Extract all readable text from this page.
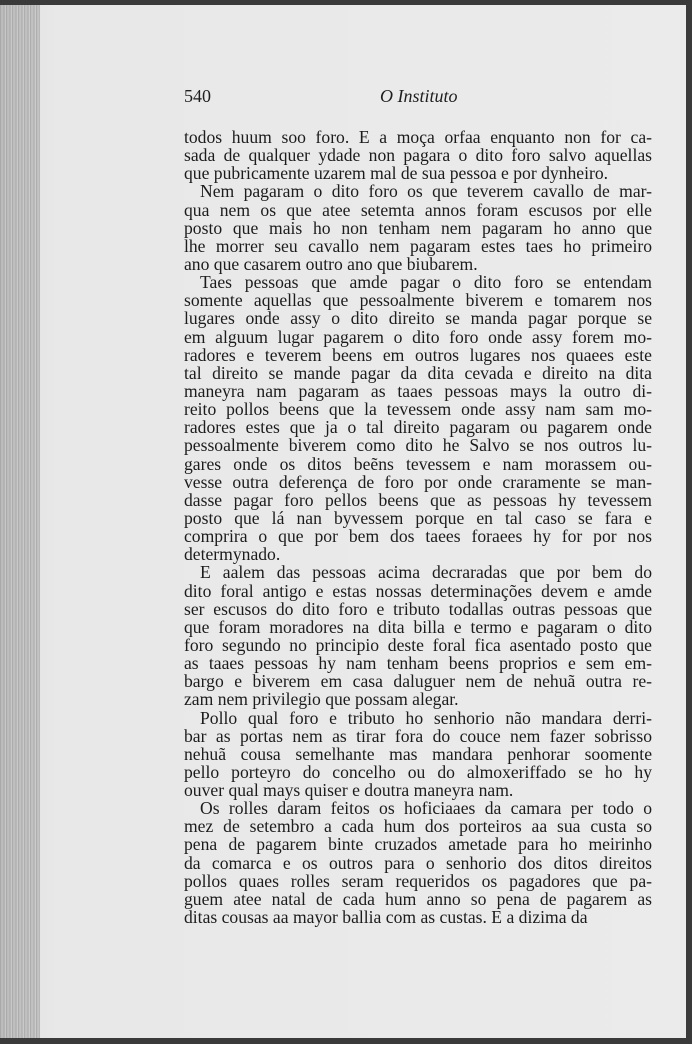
540	O Instituto
todos huum soo foro. E a moça orfaa enquanto non for ca-
sada de qualquer ydade non pagara o dito foro salvo aquellas
que pubricamente uzarem mal de sua pessoa e por dynheiro.
Nem pagaram o dito foro os que teverem cavallo de mar-
qua nem os que atee setemta annos foram escusos por elle
posto que mais ho non tenham nem pagaram ho anno que
lhe morrer seu cavallo nem pagaram estes taes ho primeiro
ano que casarem outro ano que biubarem.
Taes pessoas que amde pagar o dito foro se entendam
somente aquellas que pessoalmente biverem e tomarem nos
lugares onde assy o dito direito se manda pagar porque se
em alguum lugar pagarem o dito foro onde assy forem mo-
radores e teverem beens em outros lugares nos quaees este
tal direito se mande pagar da dita cevada e direito na dita
maneyra nam pagaram as taaes pessoas mays la outro di-
reito pollos beens que la tevessem onde assy nam sam mo-
radores estes que ja o tal direito pagaram ou pagarem onde
pessoalmente biverem como dito he Salvo se nos outros lu-
gares onde os ditos beẽns tevessem e nam morassem ou-
vesse outra deferença de foro por onde craramente se man-
dasse pagar foro pellos beens que as pessoas hy tevessem
posto que lá nan byvessem porque en tal caso se fara e
comprira o que por bem dos taees foraees hy for por nos
determynado.
E aalem das pessoas acima decraradas que por bem do
dito foral antigo e estas nossas determinações devem e amde
ser escusos do dito foro e tributo todallas outras pessoas que
que foram moradores na dita billa e termo e pagaram o dito
foro segundo no principio deste foral fica asentado posto que
as taaes pessoas hy nam tenham beens proprios e sem em-
bargo e biverem em casa daluguer nem de nehuã outra re-
zam nem privilegio que possam alegar.
Pollo qual foro e tributo ho senhorio não mandara derri-
bar as portas nem as tirar fora do couce nem fazer sobrisso
nehuã cousa semelhante mas mandara penhorar soomente
pello porteyro do concelho ou do almoxeriffado se ho hy
ouver qual mays quiser e doutra maneyra nam.
Os rolles daram feitos os hoficiaaes da camara per todo o
mez de setembro a cada hum dos porteiros aa sua custa so
pena de pagarem binte cruzados ametade para ho meirinho
da comarca e os outros para o senhorio dos ditos direitos
pollos quaes rolles seram requeridos os pagadores que pa-
guem atee natal de cada hum anno so pena de pagarem as
ditas cousas aa mayor ballia com as custas. E a dizima da
